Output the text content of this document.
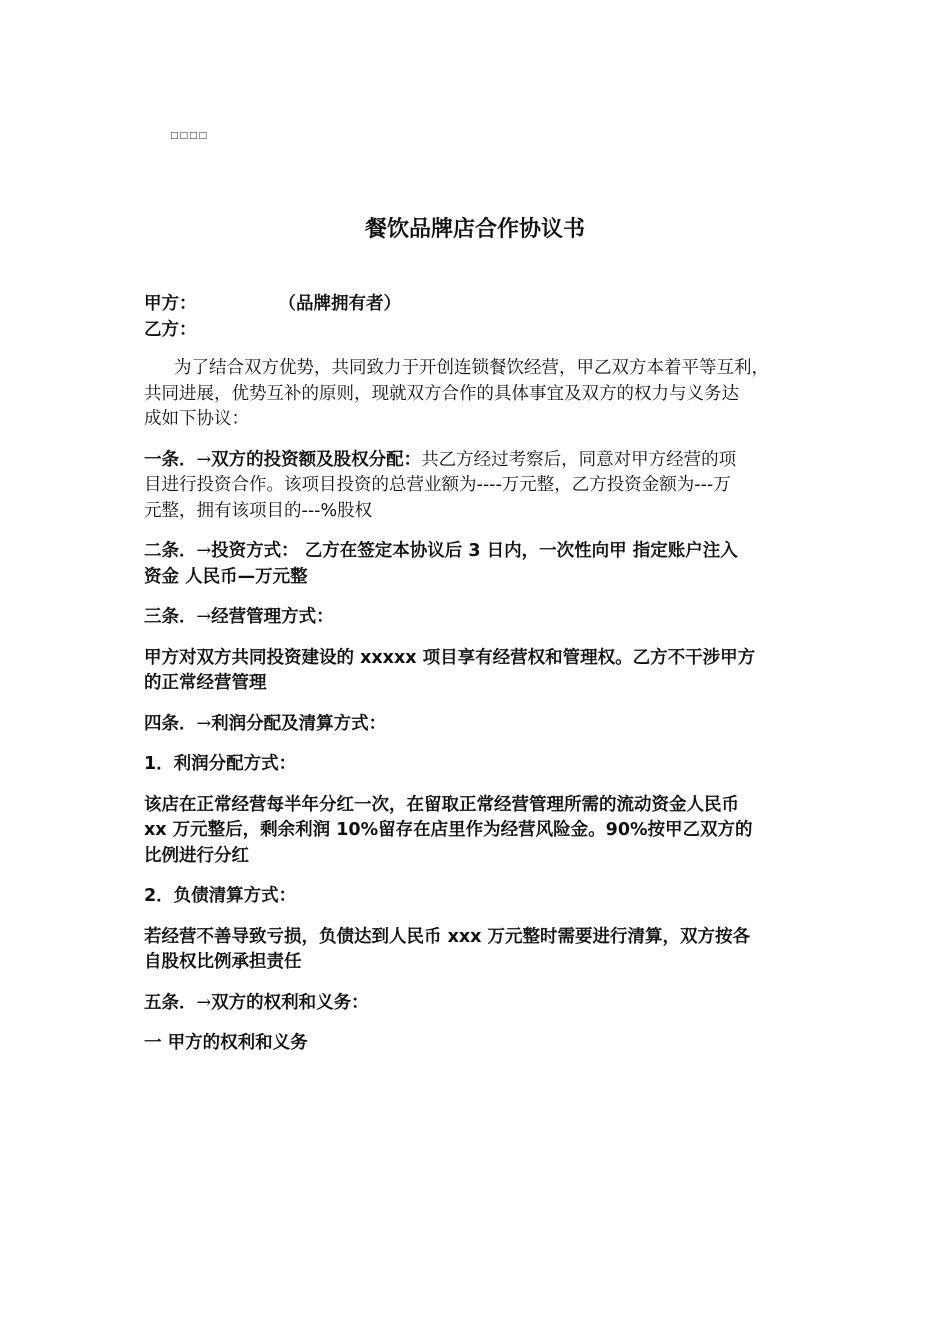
□□□□
餐饮品牌店合作协议书
甲方：	（品牌拥有者）
乙方：

为了结合双方优势，共同致力于开创连锁餐饮经营，甲乙双方本着平等互利，
共同进展，优势互补的原则，现就双方合作的具体事宜及双方的权力与义务达
成如下协议：

一条．→双方的投资额及股权分配：共乙方经过考察后，同意对甲方经营的项
目进行投资合作。该项目投资的总营业额为----万元整，乙方投资金额为---万
元整，拥有该项目的---%股权

二条．→投资方式： 乙方在签定本协议后 3 日内，一次性向甲 指定账户注入
资金 人民币—万元整

三条．→经营管理方式：

甲方对双方共同投资建设的 xxxxx 项目享有经营权和管理权。乙方不干涉甲方
的正常经营管理

四条．→利润分配及清算方式：

1．利润分配方式：

该店在正常经营每半年分红一次，在留取正常经营管理所需的流动资金人民币
xx 万元整后，剩余利润 10%留存在店里作为经营风险金。90%按甲乙双方的
比例进行分红

2．负债清算方式：

若经营不善导致亏损，负债达到人民币 xxx 万元整时需要进行清算，双方按各
自股权比例承担责任

五条．→双方的权利和义务：

一 甲方的权利和义务
